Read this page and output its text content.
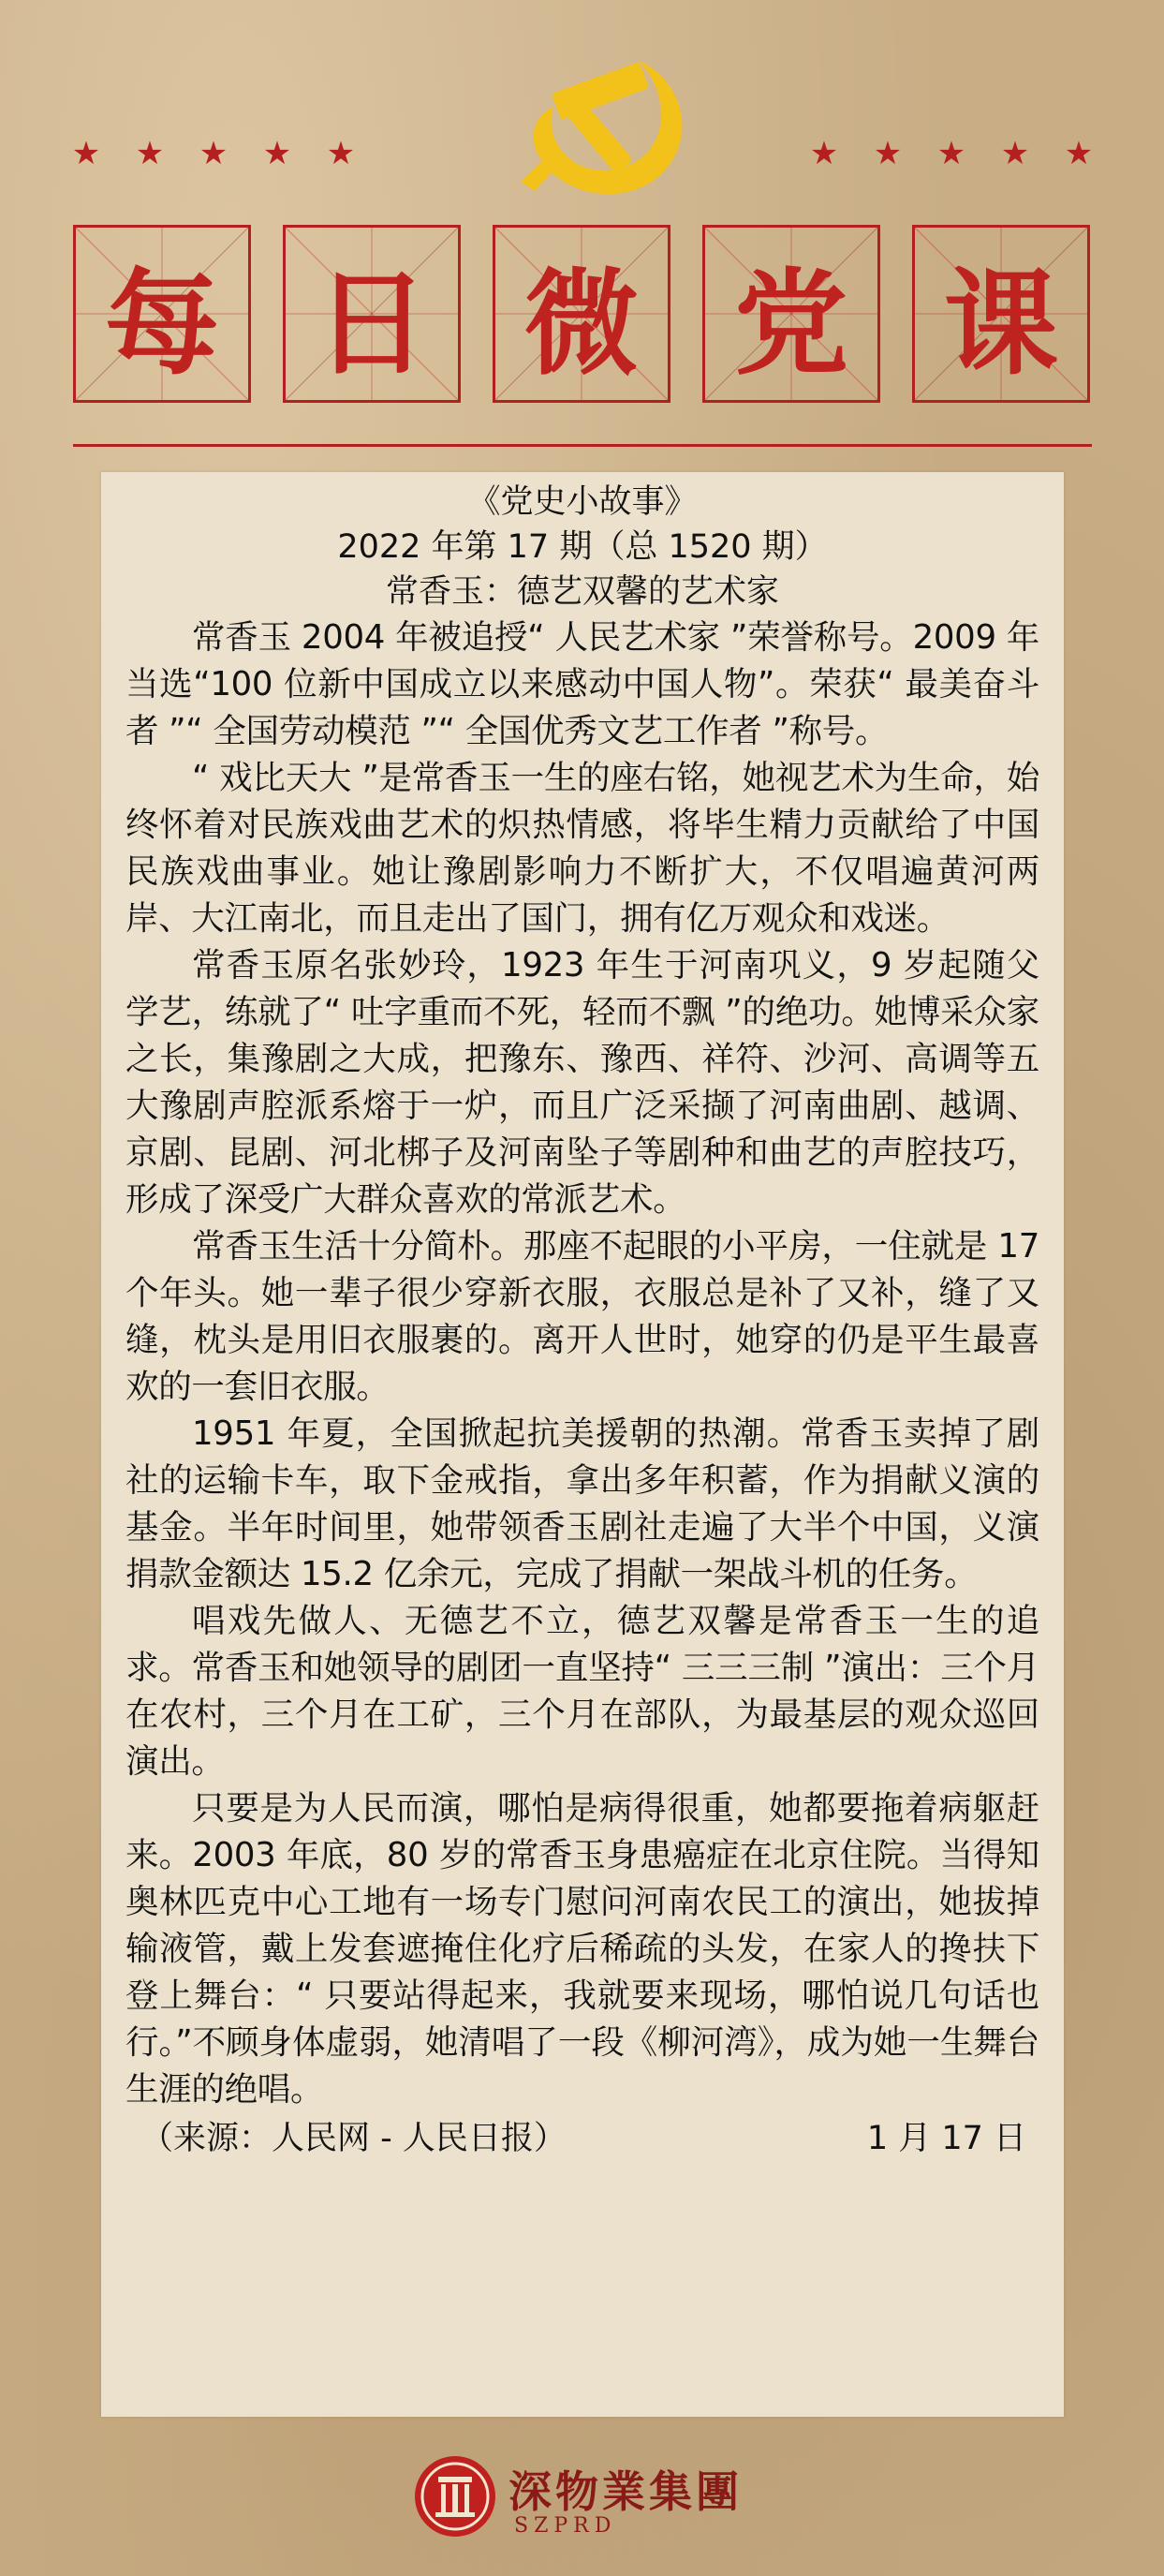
★ ★ ★ ★ ★	★ ★ ★ ★ ★
每 日 微 党 课
《党史小故事》
2022 年第 17 期（总 1520 期）
常香玉：德艺双馨的艺术家

常香玉 2004 年被追授“ 人民艺术家 ”荣誉称号。2009 年当选“100 位新中国成立以来感动中国人物”。荣获“ 最美奋斗者 ”“ 全国劳动模范 ”“ 全国优秀文艺工作者 ”称号。

“ 戏比天大 ”是常香玉一生的座右铭，她视艺术为生命，始终怀着对民族戏曲艺术的炽热情感，将毕生精力贡献给了中国民族戏曲事业。她让豫剧影响力不断扩大，不仅唱遍黄河两岸、大江南北，而且走出了国门，拥有亿万观众和戏迷。

常香玉原名张妙玲，1923 年生于河南巩义，9 岁起随父学艺，练就了“ 吐字重而不死，轻而不飘 ”的绝功。她博采众家之长，集豫剧之大成，把豫东、豫西、祥符、沙河、高调等五大豫剧声腔派系熔于一炉，而且广泛采撷了河南曲剧、越调、京剧、昆剧、河北梆子及河南坠子等剧种和曲艺的声腔技巧，形成了深受广大群众喜欢的常派艺术。

常香玉生活十分简朴。那座不起眼的小平房，一住就是 17 个年头。她一辈子很少穿新衣服，衣服总是补了又补，缝了又缝，枕头是用旧衣服裹的。离开人世时，她穿的仍是平生最喜欢的一套旧衣服。

1951 年夏，全国掀起抗美援朝的热潮。常香玉卖掉了剧社的运输卡车，取下金戒指，拿出多年积蓄，作为捐献义演的基金。半年时间里，她带领香玉剧社走遍了大半个中国，义演捐款金额达 15.2 亿余元，完成了捐献一架战斗机的任务。

唱戏先做人、无德艺不立，德艺双馨是常香玉一生的追求。常香玉和她领导的剧团一直坚持“ 三三三制 ”演出：三个月在农村，三个月在工矿，三个月在部队，为最基层的观众巡回演出。

只要是为人民而演，哪怕是病得很重，她都要拖着病躯赶来。2003 年底，80 岁的常香玉身患癌症在北京住院。当得知奥林匹克中心工地有一场专门慰问河南农民工的演出，她拔掉输液管，戴上发套遮掩住化疗后稀疏的头发，在家人的搀扶下登上舞台：“ 只要站得起来，我就要来现场，哪怕说几句话也行。”不顾身体虚弱，她清唱了一段《柳河湾》，成为她一生舞台生涯的绝唱。

（来源：人民网 - 人民日报）	1 月 17 日
深物業集團
SZPRD
